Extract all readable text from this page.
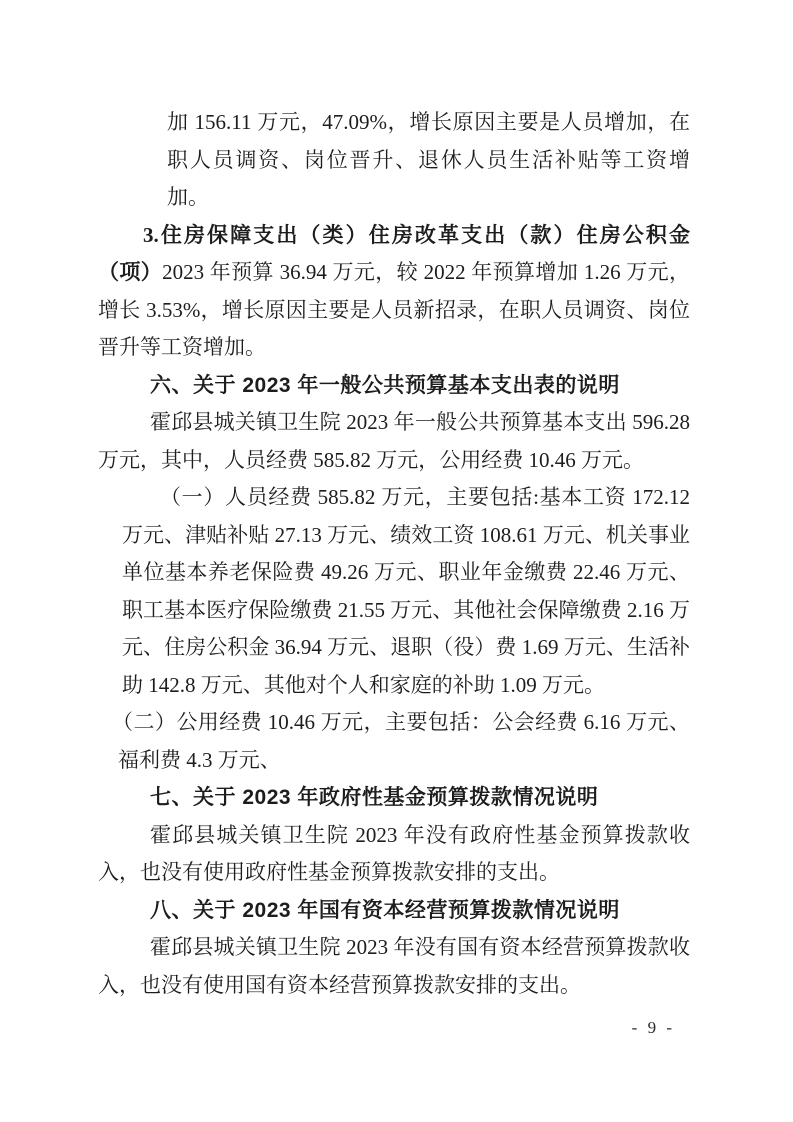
加 156.11 万元，47.09%，增长原因主要是人员增加，在职人员调资、岗位晋升、退休人员生活补贴等工资增加。

3.住房保障支出（类）住房改革支出（款）住房公积金（项）2023 年预算 36.94 万元，较 2022 年预算增加 1.26 万元，增长 3.53%，增长原因主要是人员新招录，在职人员调资、岗位晋升等工资增加。

六、关于 2023 年一般公共预算基本支出表的说明

霍邱县城关镇卫生院 2023 年一般公共预算基本支出 596.28 万元，其中，人员经费 585.82 万元，公用经费 10.46 万元。

（一）人员经费 585.82 万元，主要包括:基本工资 172.12 万元、津贴补贴 27.13 万元、绩效工资 108.61 万元、机关事业单位基本养老保险费 49.26 万元、职业年金缴费 22.46 万元、职工基本医疗保险缴费 21.55 万元、其他社会保障缴费 2.16 万元、住房公积金 36.94 万元、退职（役）费 1.69 万元、生活补助 142.8 万元、其他对个人和家庭的补助 1.09 万元。

（二）公用经费 10.46 万元，主要包括：公会经费 6.16 万元、福利费 4.3 万元、

七、关于 2023 年政府性基金预算拨款情况说明

霍邱县城关镇卫生院 2023 年没有政府性基金预算拨款收入，也没有使用政府性基金预算拨款安排的支出。

八、关于 2023 年国有资本经营预算拨款情况说明

霍邱县城关镇卫生院 2023 年没有国有资本经营预算拨款收入，也没有使用国有资本经营预算拨款安排的支出。

- 9 -
